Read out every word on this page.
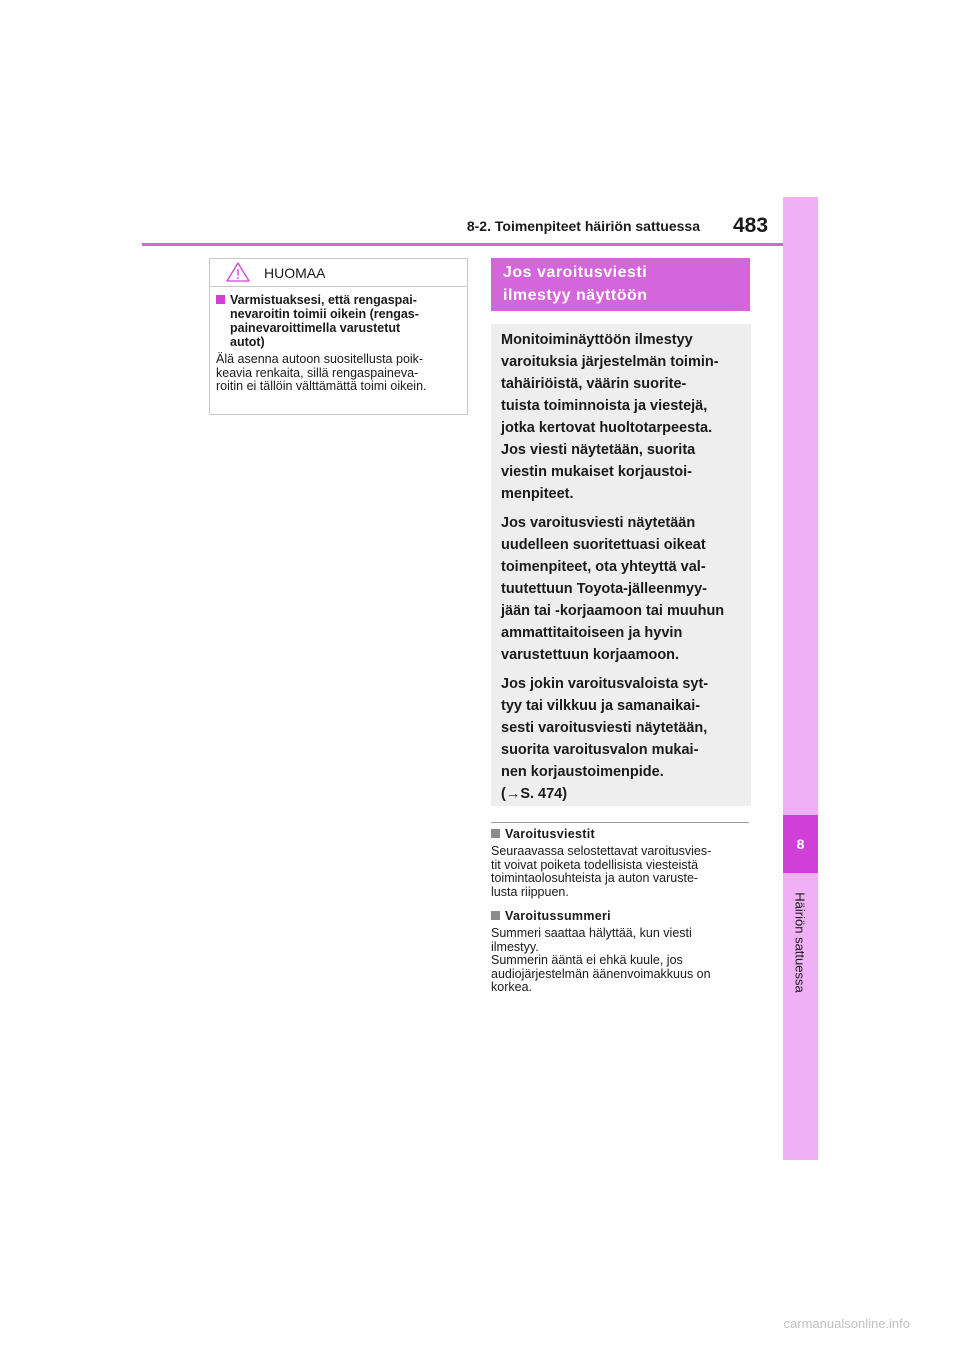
8
Häiriön sattuessa
8-2. Toimenpiteet häiriön sattuessa 483
HUOMAA
Varmistuaksesi, että rengaspai-
nevaroitin toimii oikein (rengas-
painevaroittimella varustetut
autot)
Älä asenna autoon suositellusta poik-
keavia renkaita, sillä rengaspaineva-
roitin ei tällöin välttämättä toimi oikein.
Jos varoitusviesti
ilmestyy näyttöön

Monitoiminäyttöön ilmestyy
varoituksia järjestelmän toimin-
tahäiriöistä, väärin suorite-
tuista toiminnoista ja viestejä,
jotka kertovat huoltotarpeesta.
Jos viesti näytetään, suorita
viestin mukaiset korjaustoi-
menpiteet.

Jos varoitusviesti näytetään
uudelleen suoritettuasi oikeat
toimenpiteet, ota yhteyttä val-
tuutettuun Toyota-jälleenmyy-
jään tai -korjaamoon tai muuhun
ammattitaitoiseen ja hyvin
varustettuun korjaamoon.

Jos jokin varoitusvaloista syt-
tyy tai vilkkuu ja samanaikai-
sesti varoitusviesti näytetään,
suorita varoitusvalon mukai-
nen korjaustoimenpide.
(→S. 474)

Varoitusviestit
Seuraavassa selostettavat varoitusvies-
tit voivat poiketa todellisista viesteistä
toimintaolosuhteista ja auton varuste-
lusta riippuen.
Varoitussummeri
Summeri saattaa hälyttää, kun viesti
ilmestyy.
Summerin ääntä ei ehkä kuule, jos
audiojärjestelmän äänenvoimakkuus on
korkea.
carmanualsonline.info
